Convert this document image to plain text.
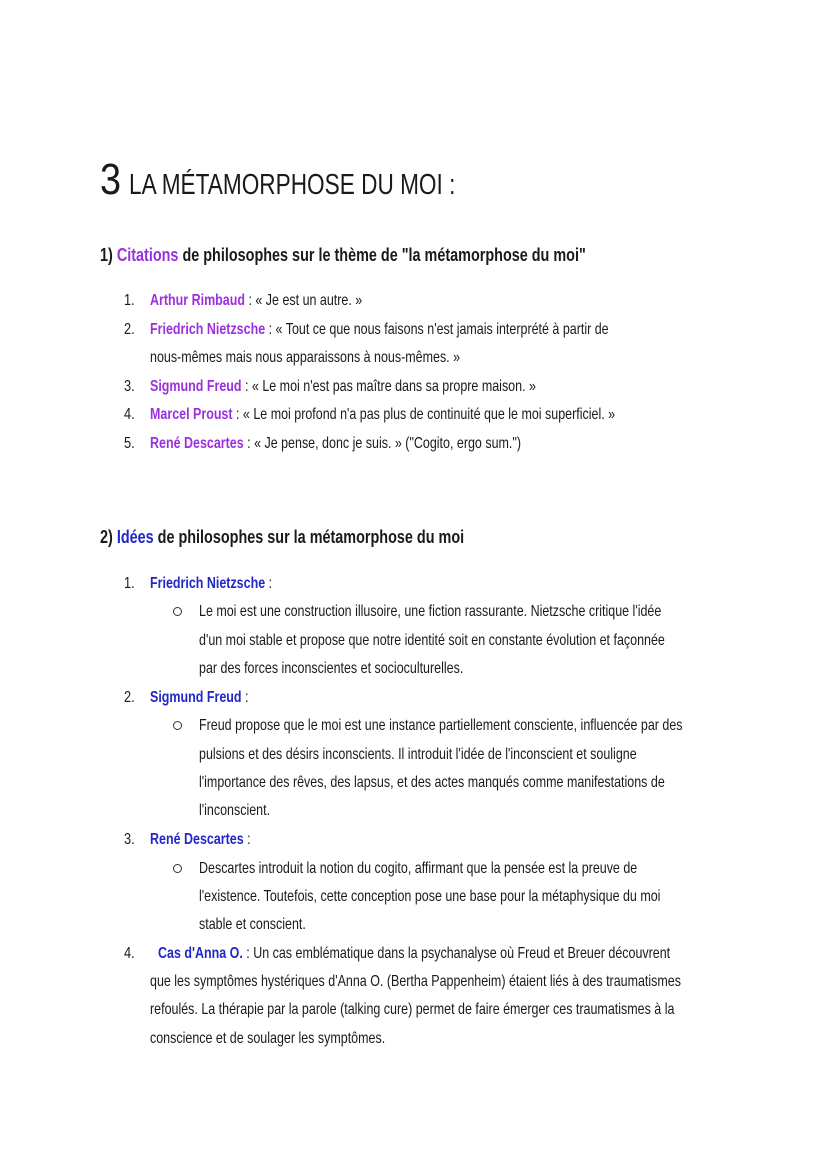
3 LA MÉTAMORPHOSE DU MOI :
1) Citations de philosophes sur le thème de "la métamorphose du moi"
1. Arthur Rimbaud : « Je est un autre. »
2. Friedrich Nietzsche : « Tout ce que nous faisons n'est jamais interprété à partir de
nous-mêmes mais nous apparaissons à nous-mêmes. »
3. Sigmund Freud : « Le moi n'est pas maître dans sa propre maison. »
4. Marcel Proust : « Le moi profond n'a pas plus de continuité que le moi superficiel. »
5. René Descartes : « Je pense, donc je suis. » ("Cogito, ergo sum.")
2) Idées de philosophes sur la métamorphose du moi
1. Friedrich Nietzsche :
Le moi est une construction illusoire, une fiction rassurante. Nietzsche critique l'idée
d'un moi stable et propose que notre identité soit en constante évolution et façonnée
par des forces inconscientes et socioculturelles.
2. Sigmund Freud :
Freud propose que le moi est une instance partiellement consciente, influencée par des
pulsions et des désirs inconscients. Il introduit l'idée de l'inconscient et souligne
l'importance des rêves, des lapsus, et des actes manqués comme manifestations de
l'inconscient.
3. René Descartes :
Descartes introduit la notion du cogito, affirmant que la pensée est la preuve de
l'existence. Toutefois, cette conception pose une base pour la métaphysique du moi
stable et conscient.
4. Cas d'Anna O. : Un cas emblématique dans la psychanalyse où Freud et Breuer découvrent
que les symptômes hystériques d'Anna O. (Bertha Pappenheim) étaient liés à des traumatismes
refoulés. La thérapie par la parole (talking cure) permet de faire émerger ces traumatismes à la
conscience et de soulager les symptômes.
